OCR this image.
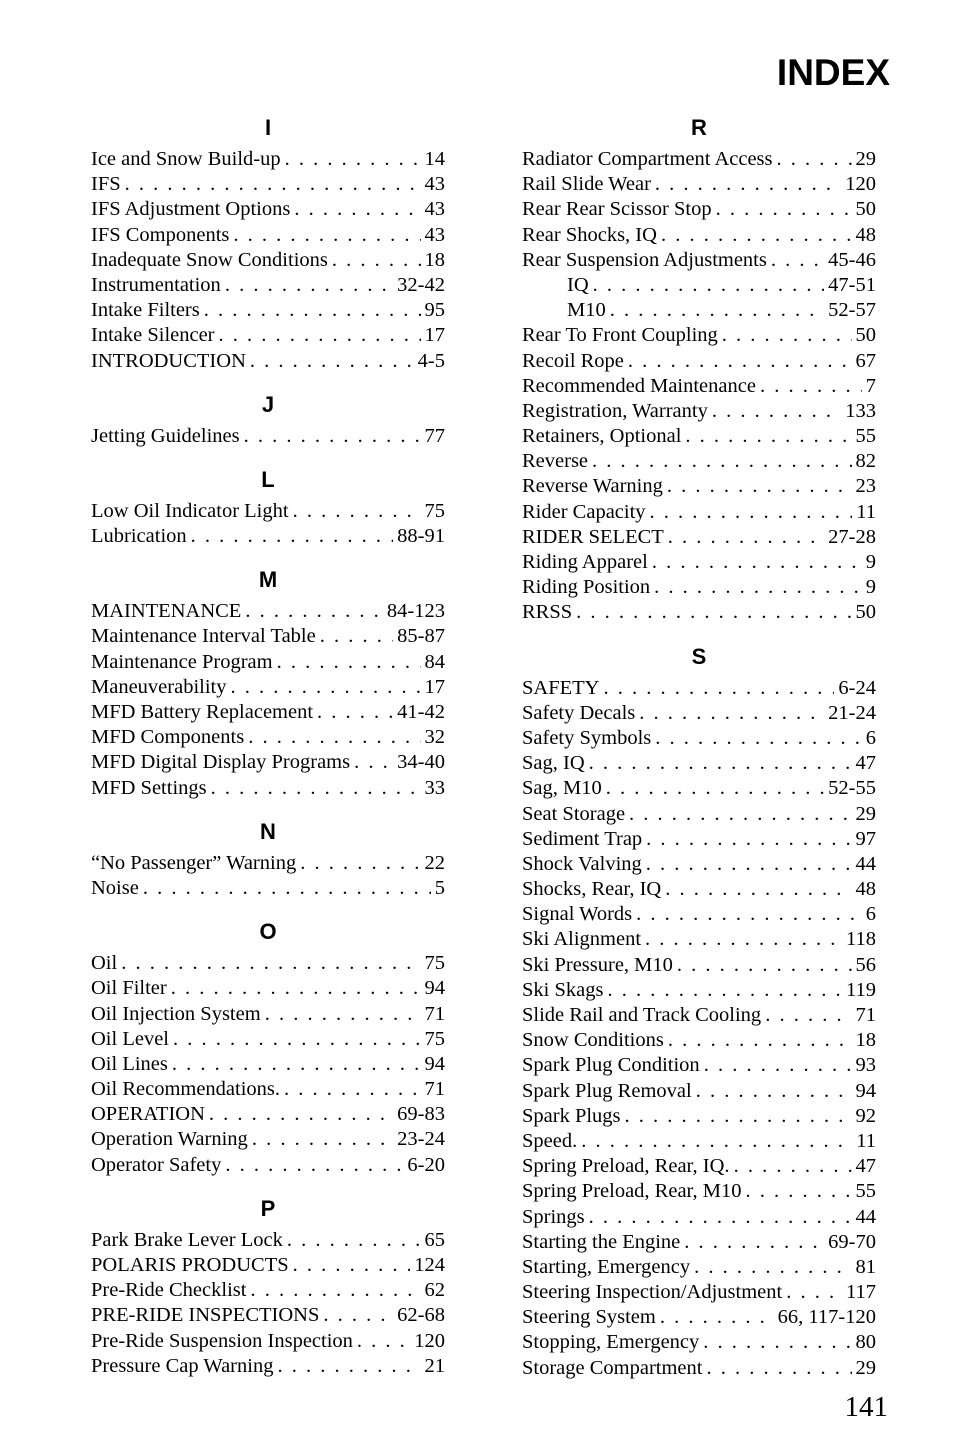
INDEX
I
Ice and Snow Build-up . . .	14
IFS . . .	43
IFS Adjustment Options . . .	43
IFS Components . . .	43
Inadequate Snow Conditions . . .	18
Instrumentation . . .	32-42
Intake Filters . . .	95
Intake Silencer . . .	17
INTRODUCTION . . .	4-5
J
Jetting Guidelines . . .	77
L
Low Oil Indicator Light . . .	75
Lubrication . . .	88-91
M
MAINTENANCE . . .	84-123
Maintenance Interval Table . . .	85-87
Maintenance Program . . .	84
Maneuverability . . .	17
MFD Battery Replacement . . .	41-42
MFD Components . . .	32
MFD Digital Display Programs . . . 34-40
MFD Settings . . .	33
N
“No Passenger” Warning . . .	22
Noise . . .	5
O
Oil . . .	75
Oil Filter . . .	94
Oil Injection System . . .	71
Oil Level . . .	75
Oil Lines . . .	94
Oil Recommendations. . . .	71
OPERATION . . .	69-83
Operation Warning . . .	23-24
Operator Safety . . .	6-20
P
Park Brake Lever Lock . . .	65
POLARIS PRODUCTS . . .	124
Pre-Ride Checklist . . .	62
PRE-RIDE INSPECTIONS . . .	62-68
Pre-Ride Suspension Inspection . . .	120
Pressure Cap Warning . . .	21
R
Radiator Compartment Access . . .	29
Rail Slide Wear . . .	120
Rear Rear Scissor Stop . . .	50
Rear Shocks, IQ . . .	48
Rear Suspension Adjustments . . .	45-46
IQ . . .	47-51
M10 . . .	52-57
Rear To Front Coupling . . .	50
Recoil Rope . . .	67
Recommended Maintenance . . .	7
Registration, Warranty . . .	133
Retainers, Optional . . .	55
Reverse . . .	82
Reverse Warning . . .	23
Rider Capacity . . .	11
RIDER SELECT . . .	27-28
Riding Apparel . . .	9
Riding Position . . .	9
RRSS . . .	50
S
SAFETY . . .	6-24
Safety Decals . . .	21-24
Safety Symbols . . .	6
Sag, IQ . . .	47
Sag, M10 . . .	52-55
Seat Storage . . .	29
Sediment Trap . . .	97
Shock Valving . . .	44
Shocks, Rear, IQ . . .	48
Signal Words . . .	6
Ski Alignment . . .	118
Ski Pressure, M10 . . .	56
Ski Skags . . .	119
Slide Rail and Track Cooling . . .	71
Snow Conditions . . .	18
Spark Plug Condition . . .	93
Spark Plug Removal . . .	94
Spark Plugs . . .	92
Speed. . . .	11
Spring Preload, Rear, IQ. . . .	47
Spring Preload, Rear, M10 . . .	55
Springs . . .	44
Starting the Engine . . .	69-70
Starting, Emergency . . .	81
Steering Inspection/Adjustment . . .	117
Steering System . . .	66, 117-120
Stopping, Emergency . . .	80
Storage Compartment . . .	29
141
